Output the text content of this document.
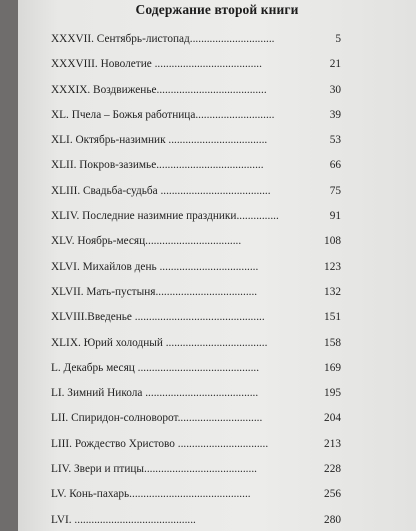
Содержание второй книги
XXXVII. Сентябрь-листопад..............................	5
XXXVIII. Новолетие ......................................	21
XXXIX. Воздвиженье.......................................	30
XL. Пчела – Божья работница............................	39
XLI. Октябрь-назимник ...................................	53
XLII. Покров-зазимье......................................	66
XLIII. Свадьба-судьба .......................................	75
XLIV. Последние назимние праздники...............	91
XLV. Ноябрь-месяц..................................	108
XLVI. Михайлов день ...................................	123
XLVII. Мать-пустыня....................................	132
XLVIII.Введенье ..............................................	151
XLIX. Юрий холодный ....................................	158
L. Декабрь месяц ...........................................	169
LI. Зимний Никола ........................................	195
LII. Спиридон-солноворот..............................	204
LIII. Рождество Христово ................................	213
LIV. Звери и птицы........................................	228
LV. Конь-пахарь...........................................	256
LVI. ...........................................	280
